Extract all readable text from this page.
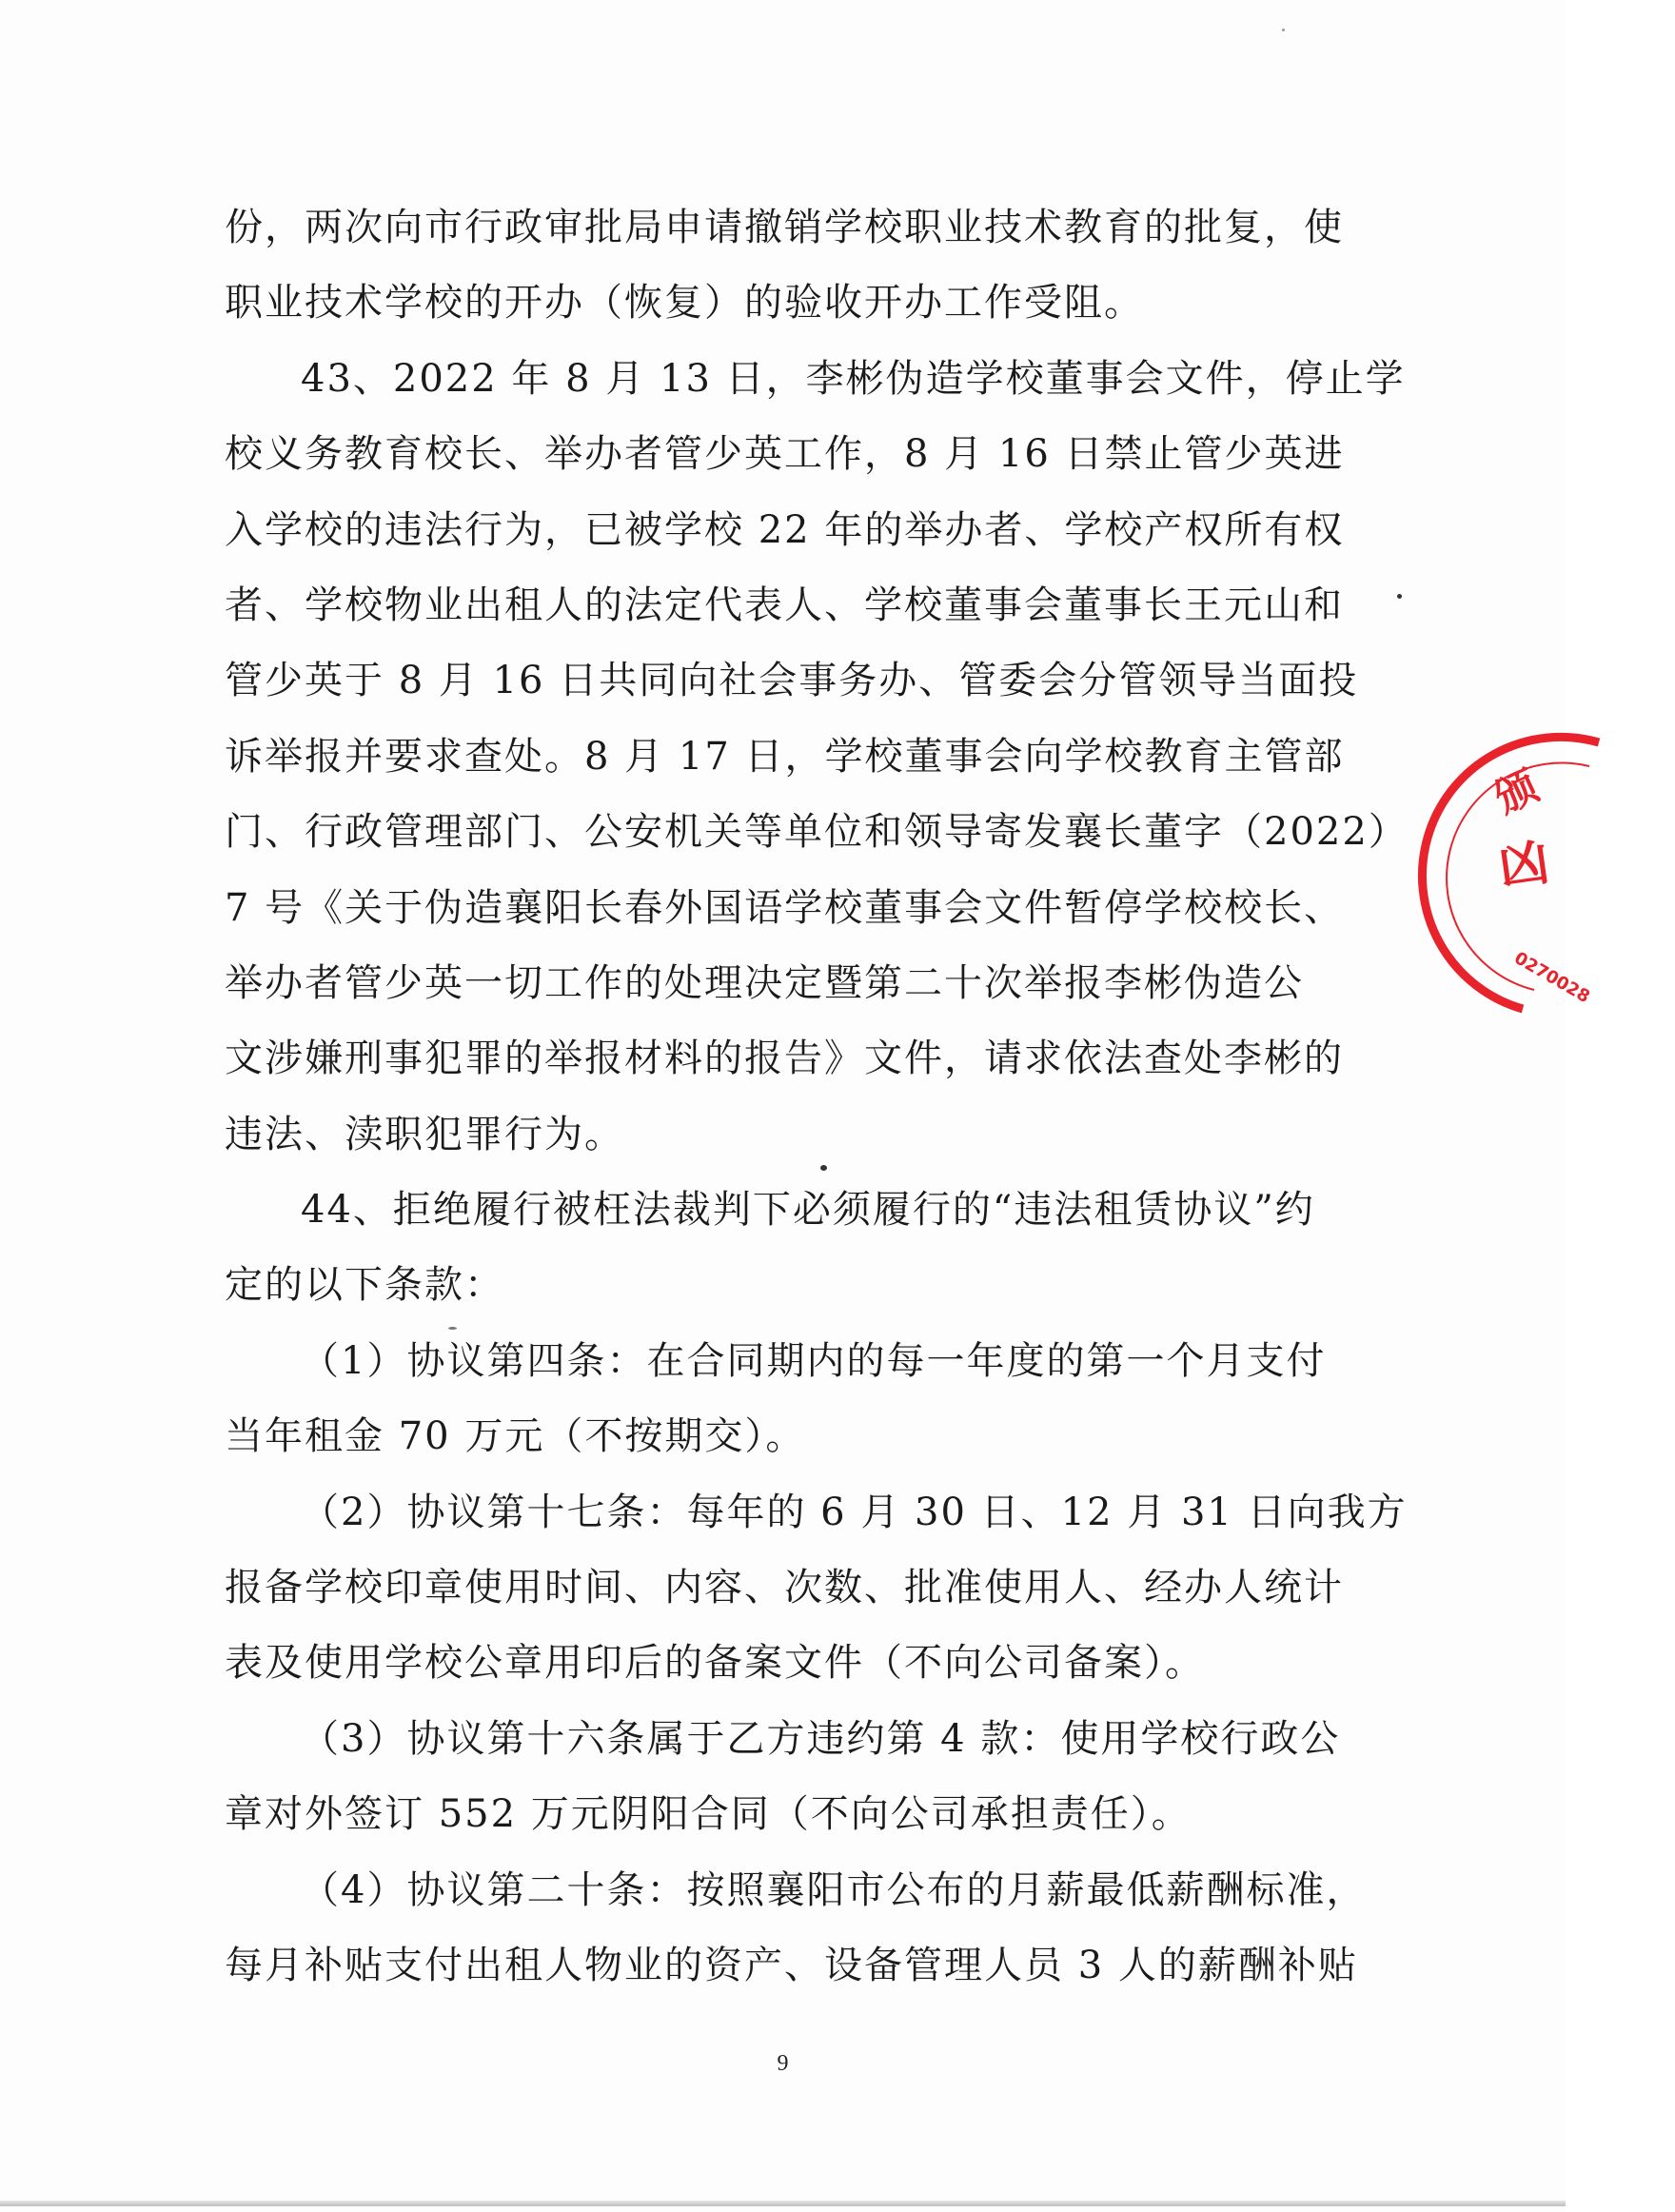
份，两次向市行政审批局申请撤销学校职业技术教育的批复，使
职业技术学校的开办（恢复）的验收开办工作受阻。
43、2022 年 8 月 13 日，李彬伪造学校董事会文件，停止学
校义务教育校长、举办者管少英工作，8 月 16 日禁止管少英进
入学校的违法行为，已被学校 22 年的举办者、学校产权所有权
者、学校物业出租人的法定代表人、学校董事会董事长王元山和
管少英于 8 月 16 日共同向社会事务办、管委会分管领导当面投
诉举报并要求查处。8 月 17 日，学校董事会向学校教育主管部
门、行政管理部门、公安机关等单位和领导寄发襄长董字（2022）
7 号《关于伪造襄阳长春外国语学校董事会文件暂停学校校长、
举办者管少英一切工作的处理决定暨第二十次举报李彬伪造公
文涉嫌刑事犯罪的举报材料的报告》文件，请求依法查处李彬的
违法、渎职犯罪行为。
44、拒绝履行被枉法裁判下必须履行的“违法租赁协议”约
定的以下条款：
（1）协议第四条：在合同期内的每一年度的第一个月支付
当年租金 70 万元（不按期交）。
（2）协议第十七条：每年的 6 月 30 日、12 月 31 日向我方
报备学校印章使用时间、内容、次数、批准使用人、经办人统计
表及使用学校公章用印后的备案文件（不向公司备案）。
（3）协议第十六条属于乙方违约第 4 款：使用学校行政公
章对外签订 552 万元阴阳合同（不向公司承担责任）。
（4）协议第二十条：按照襄阳市公布的月薪最低薪酬标准，
每月补贴支付出租人物业的资产、设备管理人员 3 人的薪酬补贴
颁
凶
0270028
9
